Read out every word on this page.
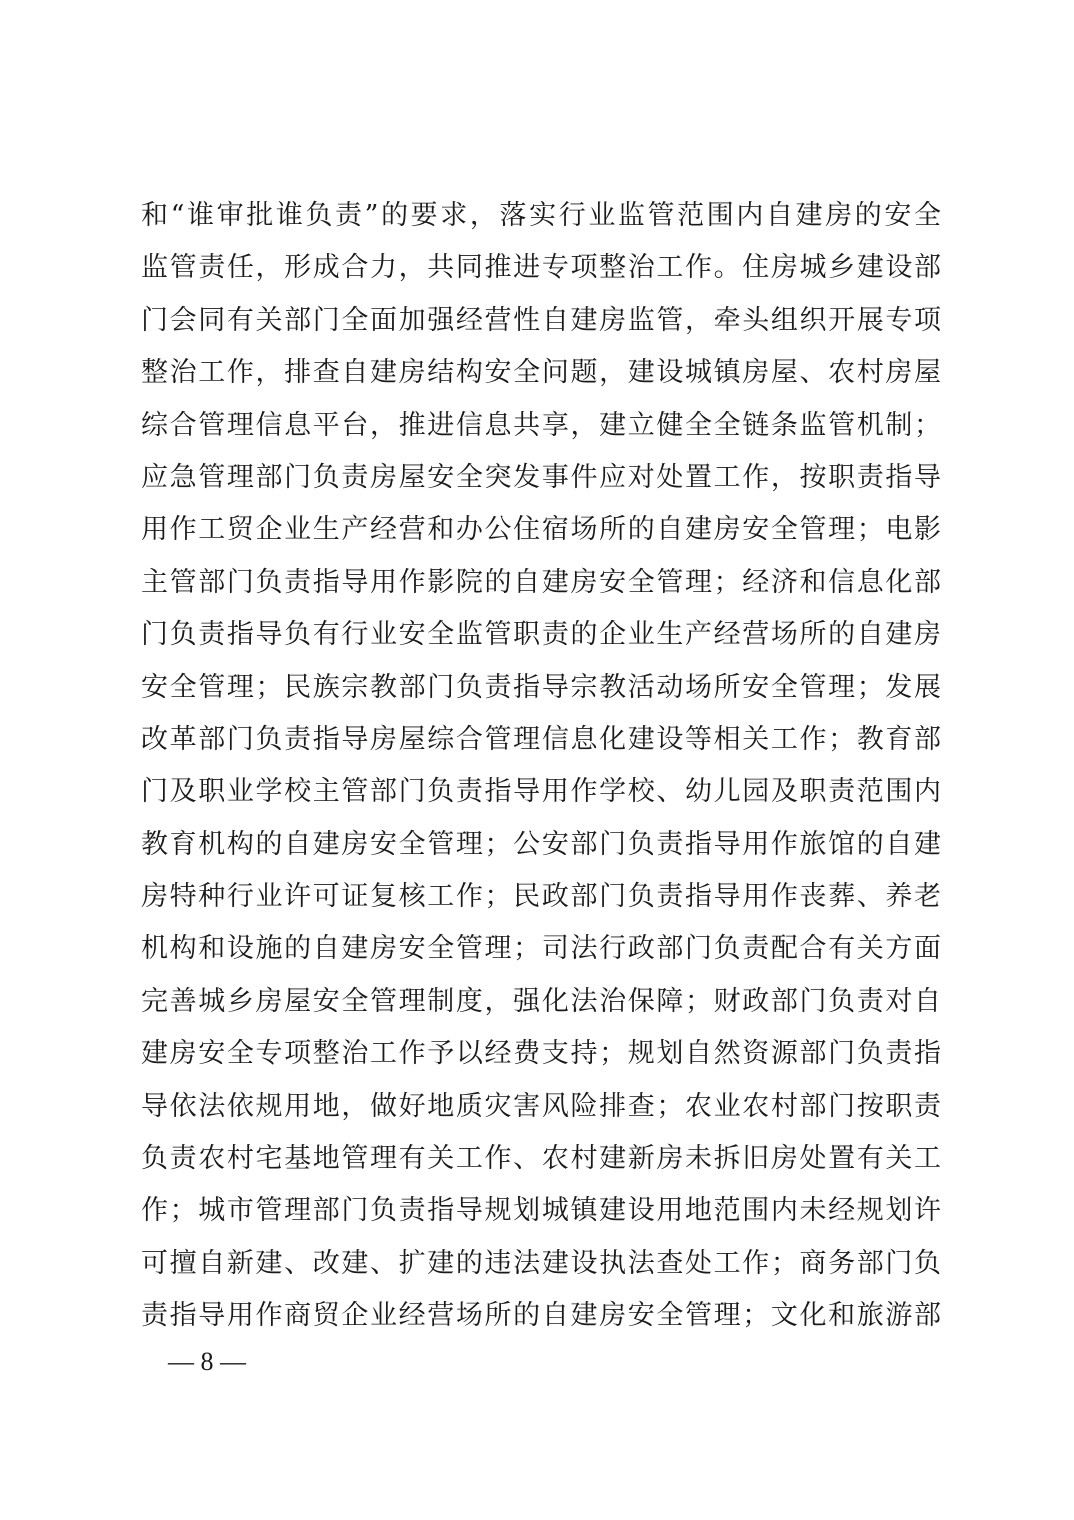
和“谁审批谁负责”的要求，落实行业监管范围内自建房的安全
监管责任，形成合力，共同推进专项整治工作。住房城乡建设部
门会同有关部门全面加强经营性自建房监管，牵头组织开展专项
整治工作，排查自建房结构安全问题，建设城镇房屋、农村房屋
综合管理信息平台，推进信息共享，建立健全全链条监管机制；
应急管理部门负责房屋安全突发事件应对处置工作，按职责指导
用作工贸企业生产经营和办公住宿场所的自建房安全管理；电影
主管部门负责指导用作影院的自建房安全管理；经济和信息化部
门负责指导负有行业安全监管职责的企业生产经营场所的自建房
安全管理；民族宗教部门负责指导宗教活动场所安全管理；发展
改革部门负责指导房屋综合管理信息化建设等相关工作；教育部
门及职业学校主管部门负责指导用作学校、幼儿园及职责范围内
教育机构的自建房安全管理；公安部门负责指导用作旅馆的自建
房特种行业许可证复核工作；民政部门负责指导用作丧葬、养老
机构和设施的自建房安全管理；司法行政部门负责配合有关方面
完善城乡房屋安全管理制度，强化法治保障；财政部门负责对自
建房安全专项整治工作予以经费支持；规划自然资源部门负责指
导依法依规用地，做好地质灾害风险排查；农业农村部门按职责
负责农村宅基地管理有关工作、农村建新房未拆旧房处置有关工
作；城市管理部门负责指导规划城镇建设用地范围内未经规划许
可擅自新建、改建、扩建的违法建设执法查处工作；商务部门负
责指导用作商贸企业经营场所的自建房安全管理；文化和旅游部
— 8 —
